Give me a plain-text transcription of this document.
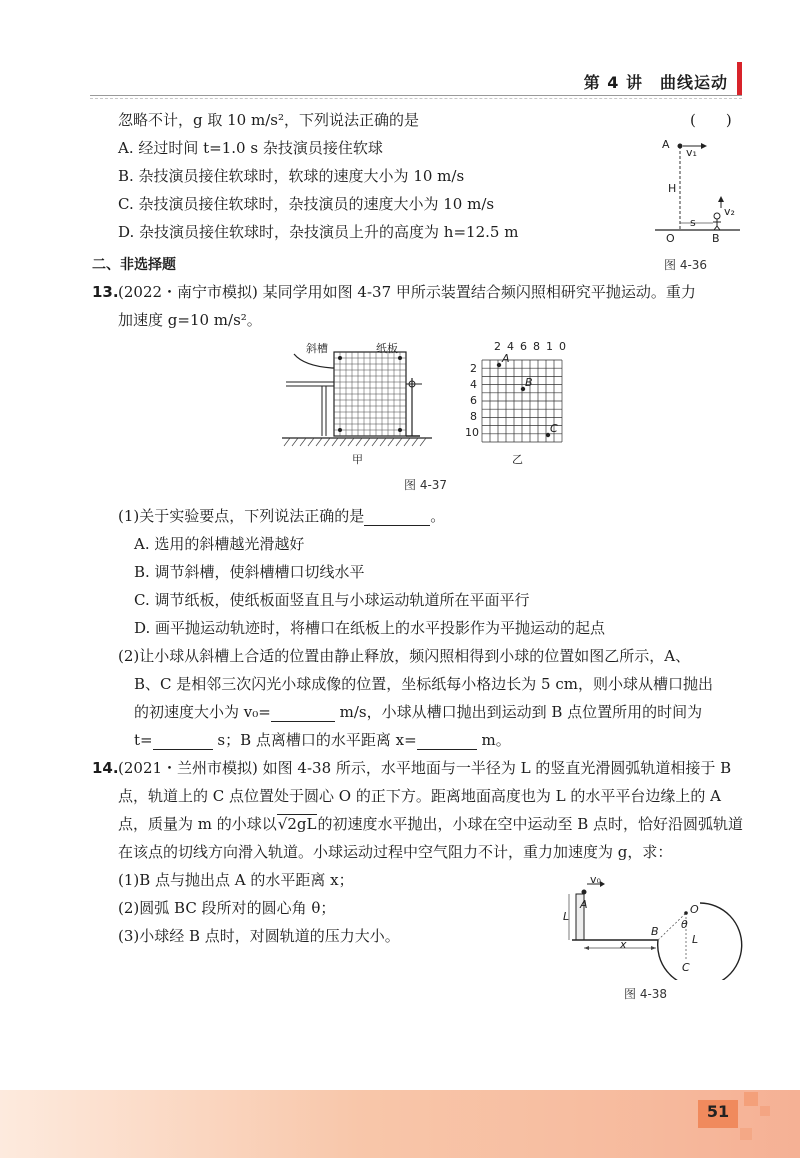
第 4 讲　曲线运动
忽略不计，g 取 10 m/s²，下列说法正确的是	(　　)
A. 经过时间 t=1.0 s 杂技演员接住软球
B. 杂技演员接住软球时，软球的速度大小为 10 m/s
C. 杂技演员接住软球时，杂技演员的速度大小为 10 m/s
D. 杂技演员接住软球时，杂技演员上升的高度为 h=12.5 m
A
v₁
H
v₂
s
O	B
图 4-36
二、非选择题
13. (2022・南宁市模拟) 某同学用如图 4-37 甲所示装置结合频闪照相研究平抛运动。重力
加速度 g=10 m/s²。
斜槽	纸板
甲
246810
2
4
6
8
10
A
B
C
乙
图 4-37
(1)关于实验要点，下列说法正确的是	。
A. 选用的斜槽越光滑越好
B. 调节斜槽，使斜槽槽口切线水平
C. 调节纸板，使纸板面竖直且与小球运动轨道所在平面平行
D. 画平抛运动轨迹时，将槽口在纸板上的水平投影作为平抛运动的起点
(2)让小球从斜槽上合适的位置由静止释放，频闪照相得到小球的位置如图乙所示，A、
B、C 是相邻三次闪光小球成像的位置，坐标纸每小格边长为 5 cm，则小球从槽口抛出
的初速度大小为 v₀=	m/s，小球从槽口抛出到运动到 B 点位置所用的时间为
t=	s；B 点离槽口的水平距离 x=	m。
14. (2021・兰州市模拟) 如图 4-38 所示，水平地面与一半径为 L 的竖直光滑圆弧轨道相接于 B
点，轨道上的 C 点位置处于圆心 O 的正下方。距离地面高度也为 L 的水平平台边缘上的 A
点，质量为 m 的小球以√2gL的初速度水平抛出，小球在空中运动至 B 点时，恰好沿圆弧轨道
在该点的切线方向滑入轨道。小球运动过程中空气阻力不计，重力加速度为 g，求：
(1)B 点与抛出点 A 的水平距离 x；
(2)圆弧 BC 段所对的圆心角 θ；
(3)小球经 B 点时，对圆轨道的压力大小。
v₀
A
L
x
B
O
θ
L
C
图 4-38
51
